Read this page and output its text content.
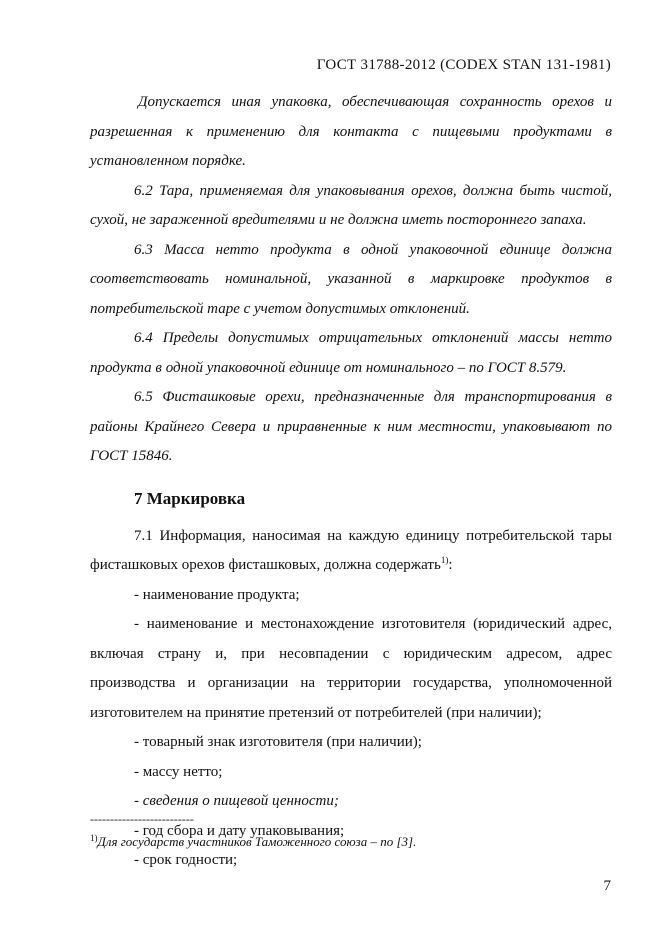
ГОСТ 31788-2012 (CODEX STAN 131-1981)

Допускается иная упаковка, обеспечивающая сохранность орехов и разрешенная к применению для контакта с пищевыми продуктами в установленном порядке.

6.2 Тара, применяемая для упаковывания орехов, должна быть чистой, сухой, не зараженной вредителями и не должна иметь постороннего запаха.

6.3 Масса нетто продукта в одной упаковочной единице должна соответствовать номинальной, указанной в маркировке продуктов в потребительской таре с учетом допустимых отклонений.

6.4 Пределы допустимых отрицательных отклонений массы нетто продукта в одной упаковочной единице от номинального – по ГОСТ 8.579.

6.5 Фисташковые орехи, предназначенные для транспортирования в районы Крайнего Севера и приравненные к ним местности, упаковывают по ГОСТ 15846.

7 Маркировка

7.1 Информация, наносимая на каждую единицу потребительской тары фисташковых орехов фисташковых, должна содержать$^{1)}$:

- наименование продукта;

- наименование и местонахождение изготовителя (юридический адрес, включая страну и, при несовпадении с юридическим адресом, адрес производства и организации на территории государства, уполномоченной изготовителем на принятие претензий от потребителей (при наличии);

- товарный знак изготовителя (при наличии);

- массу нетто;

- сведения о пищевой ценности;

- год сбора и дату упаковывания;

- срок годности;

--------------------------
$^{1)}$Для государств участников Таможенного союза – по [3].
7
